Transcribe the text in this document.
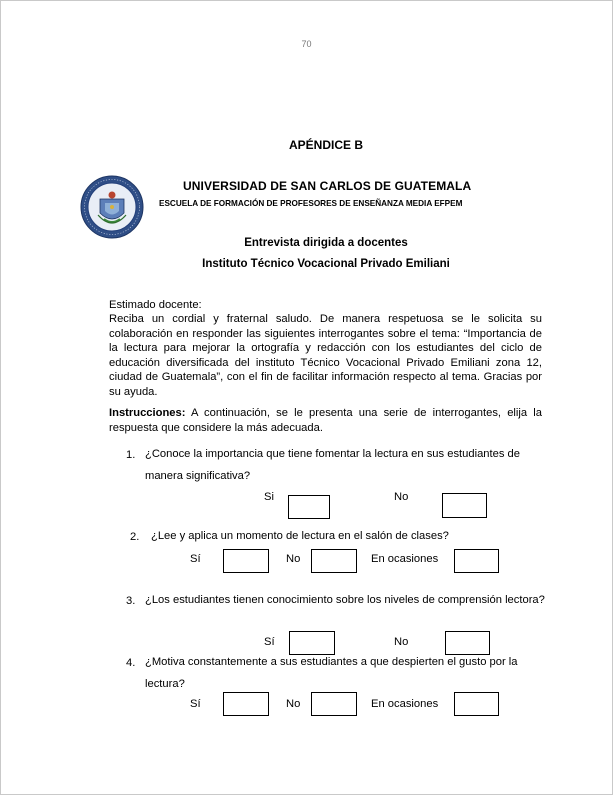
70

APÉNDICE B

UNIVERSIDAD DE SAN CARLOS DE GUATEMALA

ESCUELA DE FORMACIÓN DE PROFESORES DE ENSEÑANZA MEDIA EFPEM

Entrevista dirigida a docentes

Instituto Técnico Vocacional Privado Emiliani

Estimado docente:

Reciba un cordial y fraternal saludo. De manera respetuosa se le solicita su colaboración en responder las siguientes interrogantes sobre el tema: “Importancia de la lectura para mejorar la ortografía y redacción con los estudiantes del ciclo de educación diversificada del instituto Técnico Vocacional Privado Emiliani zona 12, ciudad de Guatemala”, con el fin de facilitar información respecto al tema. Gracias por su ayuda.

Instrucciones: A continuación, se le presenta una serie de interrogantes, elija la respuesta que considere la más adecuada.

1. ¿Conoce la importancia que tiene fomentar la lectura en sus estudiantes de manera significativa?

Si	No
2. ¿Lee y aplica un momento de lectura en el salón de clases?

Sí	No	En ocasiones
3. ¿Los estudiantes tienen conocimiento sobre los niveles de comprensión lectora?

Sí	No
4. ¿Motiva constantemente a sus estudiantes a que despierten el gusto por la lectura?

Sí	No	En ocasiones
